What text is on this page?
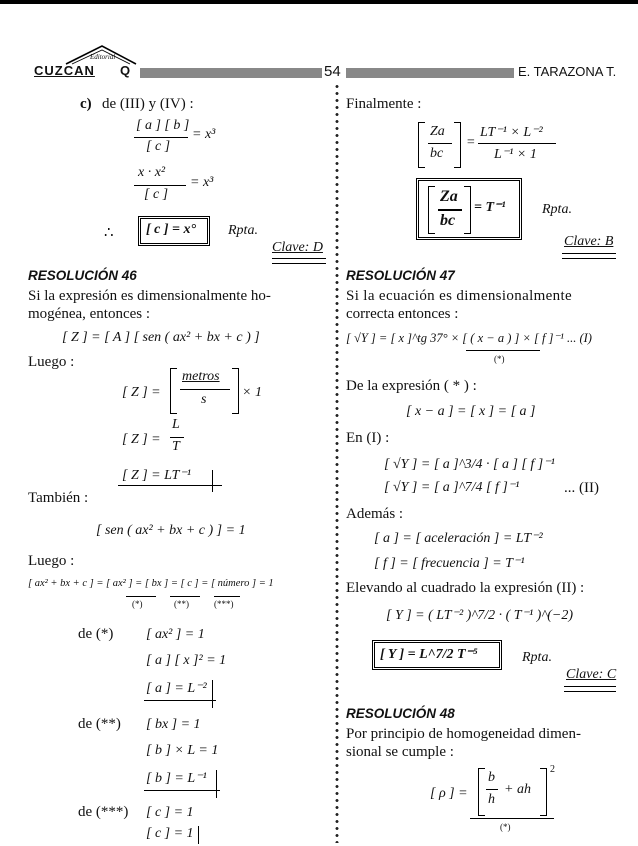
Editorial
CUZCAN Q	54	E. TARAZONA T.
c) de (III) y (IV) :
[ a ] [ b ]
[ c ]
= x³
x · x²
[ c ]
= x³
∴ [ c ] = x° Rpta.
Clave: D
RESOLUCIÓN 46
Si la expresión es dimensionalmente ho-
mogénea, entonces :
[ Z ] = [ A ] [ sen ( ax² + bx + c ) ]
Luego :
[ Z ] =
metros
s	× 1
[ Z ] =
L
T
[ Z ] = LT⁻¹
También :
[ sen ( ax² + bx + c ) ] = 1
Luego :
[ ax² + bx + c ] = [ ax² ] = [ bx ] = [ c ] = [ número ] = 1
(*)	(**)	(***)
de (*) [ ax² ] = 1
[ a ] [ x ]² = 1
[ a ] = L⁻²
de (**) [ bx ] = 1
[ b ] × L = 1
[ b ] = L⁻¹
de (***) [ c ] = 1
[ c ] = 1
Finalmente :
Za
bc
=
LT⁻¹ × L⁻²
L⁻¹ × 1
Za
bc
= T⁻¹	Rpta.
Clave: B
RESOLUCIÓN 47
Si la ecuación es dimensionalmente
correcta entonces :
[ √Y ] = [ x ]^tg 37° × [ ( x − a ) ] × [ f ]⁻¹ ... (I)
(*)
De la expresión ( * ) :
[ x − a ] = [ x ] = [ a ]
En (I) :
[ √Y ] = [ a ]^3/4 · [ a ] [ f ]⁻¹
[ √Y ] = [ a ]^7/4 [ f ]⁻¹	... (II)
Además :
[ a ] = [ aceleración ] = LT⁻²
[ f ] = [ frecuencia ] = T⁻¹
Elevando al cuadrado la expresión (II) :
[ Y ] = ( LT⁻² )^7/2 · ( T⁻¹ )^(−2)
[ Y ] = L^7/2 T⁻⁵	Rpta.
Clave: C
RESOLUCIÓN 48
Por principio de homogeneidad dimen-
sional se cumple :
[ ρ ] =
b
h
+ ah
2
(*)
